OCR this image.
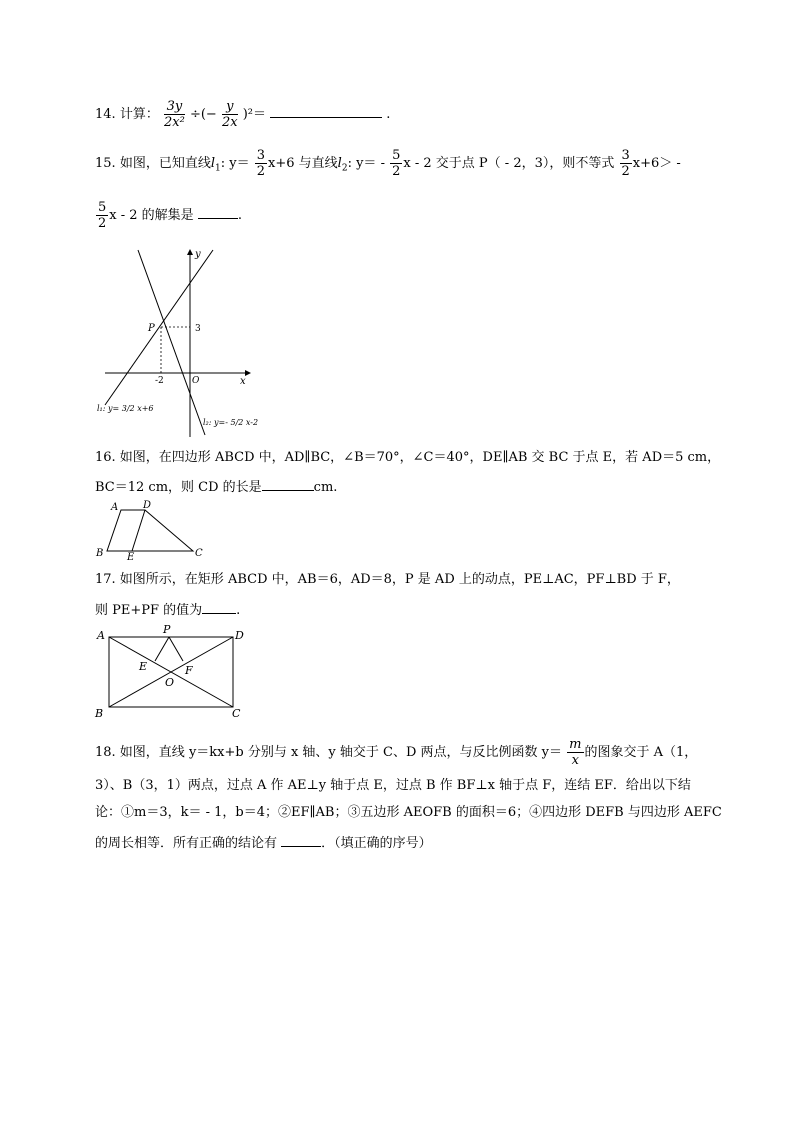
14. 计算： $\frac{3y}{\text{2x²}}$ ÷(− $\frac{y}{2x} )^2=$	.
15. 如图，已知直线$l_1$: $y= \frac{3}{2} x+6$ 与直线$l_2$: $y= - \frac{5}{2}$ x - 2 交于点 P（ - 2，3），则不等式 $\frac{3}{2} x+6>$ -
$\frac{5}{2}$ x - 2 的解集是	.
y
x
P	3
-2	O
l₁: y= 3/2 x+6
l₂: y=- 5/2 x-2
16. 如图，在四边形 ABCD 中，AD∥BC，∠B＝70°，∠C＝40°，DE∥AB 交 BC 于点 E，若 AD＝5 cm，
BC＝12 cm，则 CD 的长是	cm.
A D
B E	C
17. 如图所示，在矩形 ABCD 中，AB＝6，AD＝8，P 是 AD 上的动点，PE⊥AC，PF⊥BD 于 F，
则 PE+PF 的值为	.
A	P	D
E	F
O
B	C
18. 如图，直线 y＝kx+b 分别与 x 轴、y 轴交于 C、D 两点，与反比例函数 $y= \frac{m}{x}$ 的图象交于 A（1，
3）、B（3，1）两点，过点 A 作 AE⊥y 轴于点 E，过点 B 作 BF⊥x 轴于点 F，连结 EF．给出以下结
论：①m＝3，k＝ - 1，b＝4；②EF∥AB；③五边形 AEOFB 的面积＝6；④四边形 DEFB 与四边形 AEFC
的周长相等．所有正确的结论有	．（填正确的序号）
